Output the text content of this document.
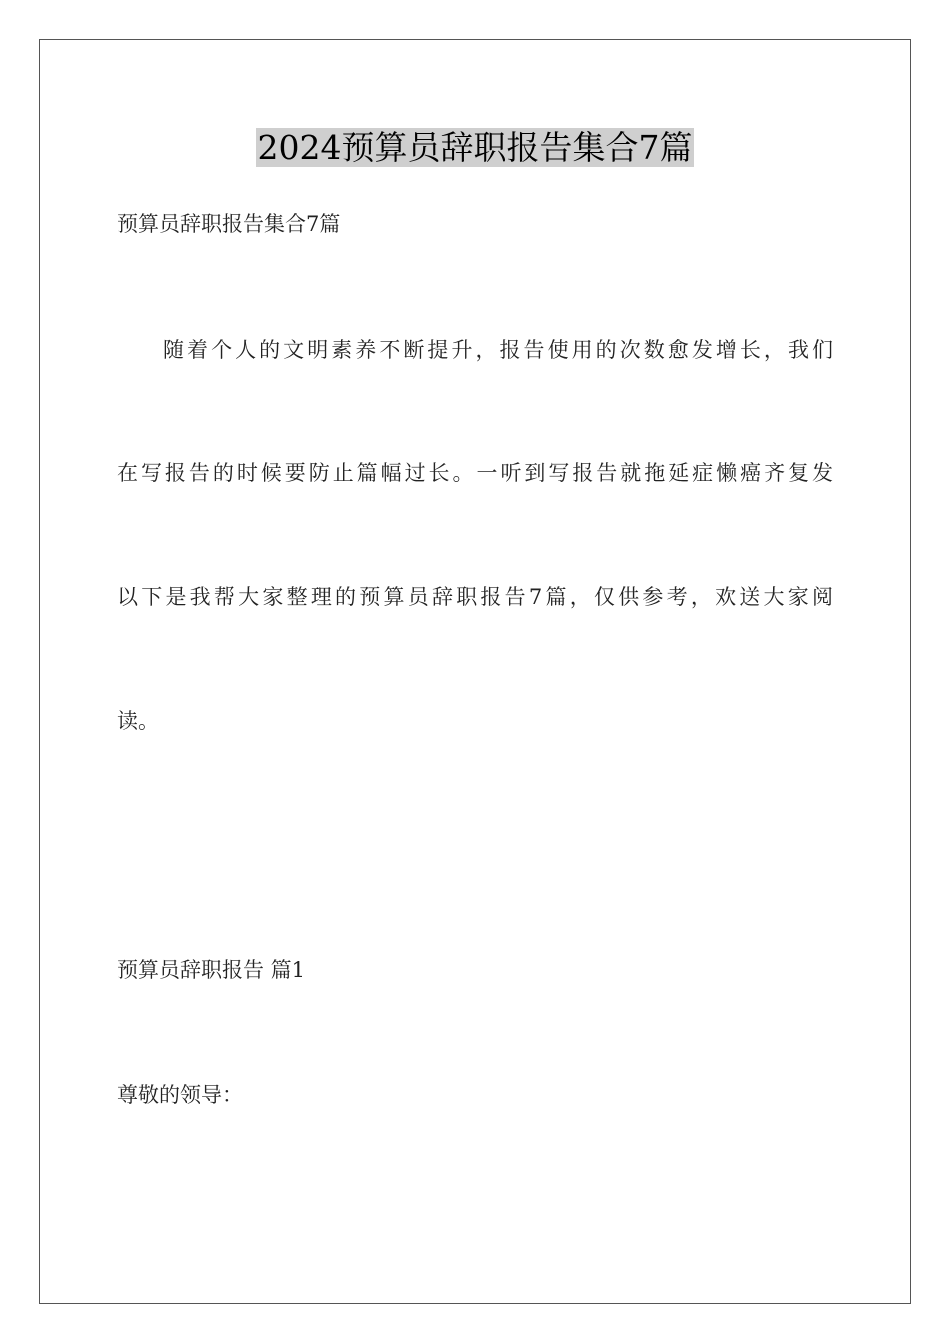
2024预算员辞职报告集合7篇

预算员辞职报告集合7篇

随着个人的文明素养不断提升，报告使用的次数愈发增长，我们

在写报告的时候要防止篇幅过长。一听到写报告就拖延症懒癌齐复发

以下是我帮大家整理的预算员辞职报告7篇，仅供参考，欢送大家阅

读。

预算员辞职报告 篇1

尊敬的领导：
